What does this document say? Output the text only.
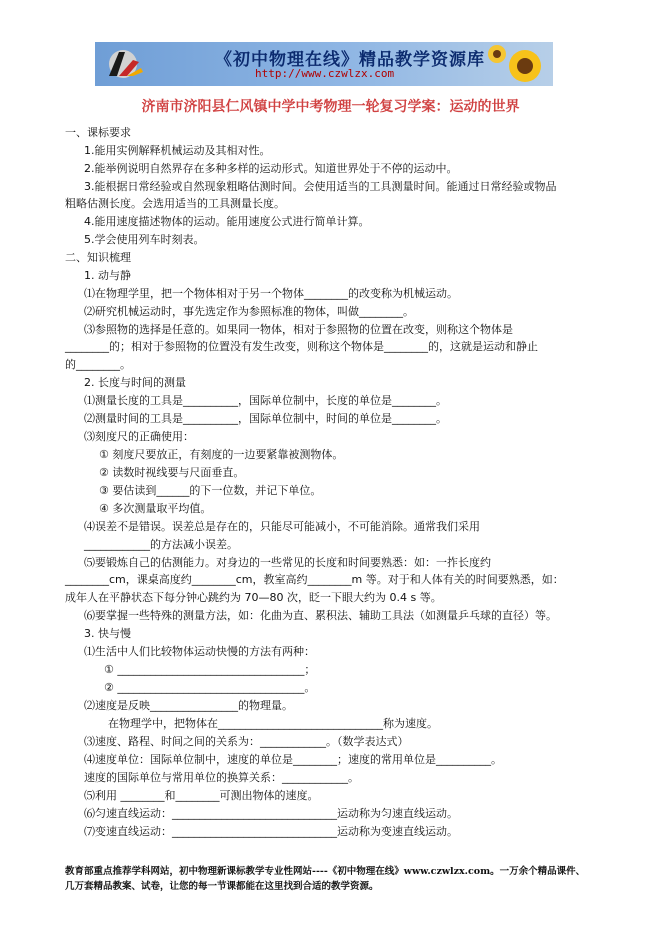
《初中物理在线》精品教学资源库
http://www.czwlzx.com
济南市济阳县仁风镇中学中考物理一轮复习学案：运动的世界
一、课标要求
1.能用实例解释机械运动及其相对性。
2.能举例说明自然界存在多种多样的运动形式。知道世界处于不停的运动中。
3.能根据日常经验或自然现象粗略估测时间。会使用适当的工具测量时间。能通过日常经验或物品
粗略估测长度。会选用适当的工具测量长度。
4.能用速度描述物体的运动。能用速度公式进行简单计算。
5.学会使用列车时刻表。
二、知识梳理
1. 动与静
⑴在物理学里，把一个物体相对于另一个物体________的改变称为机械运动。
⑵研究机械运动时，事先选定作为参照标准的物体，叫做________。
⑶参照物的选择是任意的。如果同一物体，相对于参照物的位置在改变，则称这个物体是
________的；相对于参照物的位置没有发生改变，则称这个物体是________的，这就是运动和静止
的________。
2. 长度与时间的测量
⑴测量长度的工具是__________，国际单位制中，长度的单位是________。
⑵测量时间的工具是__________，国际单位制中，时间的单位是________。
⑶刻度尺的正确使用：
① 刻度尺要放正，有刻度的一边要紧靠被测物体。
② 读数时视线要与尺面垂直。
③ 要估读到______的下一位数，并记下单位。
④ 多次测量取平均值。
⑷误差不是错误。误差总是存在的，只能尽可能减小，不可能消除。通常我们采用
____________的方法减小误差。
⑸要锻炼自己的估测能力。对身边的一些常见的长度和时间要熟悉：如：一拃长度约
________cm，课桌高度约________cm，教室高约________m 等。对于和人体有关的时间要熟悉，如：
成年人在平静状态下每分钟心跳约为 70—80 次，眨一下眼大约为 0.4 s 等。
⑹要掌握一些特殊的测量方法，如：化曲为直、累积法、辅助工具法（如测量乒乓球的直径）等。
3. 快与慢
⑴生活中人们比较物体运动快慢的方法有两种：
① __________________________________；
② __________________________________。
⑵速度是反映________________的物理量。
在物理学中，把物体在______________________________称为速度。
⑶速度、路程、时间之间的关系为：____________。（数学表达式）
⑷速度单位：国际单位制中，速度的单位是________；速度的常用单位是__________。
速度的国际单位与常用单位的换算关系：____________。
⑸利用 ________和________可测出物体的速度。
⑹匀速直线运动：______________________________运动称为匀速直线运动。
⑺变速直线运动：______________________________运动称为变速直线运动。
教育部重点推荐学科网站，初中物理新课标教学专业性网站----《初中物理在线》www.czwlzx.com。一万余个精品课件、
几万套精品教案、试卷，让您的每一节课都能在这里找到合适的教学资源。
